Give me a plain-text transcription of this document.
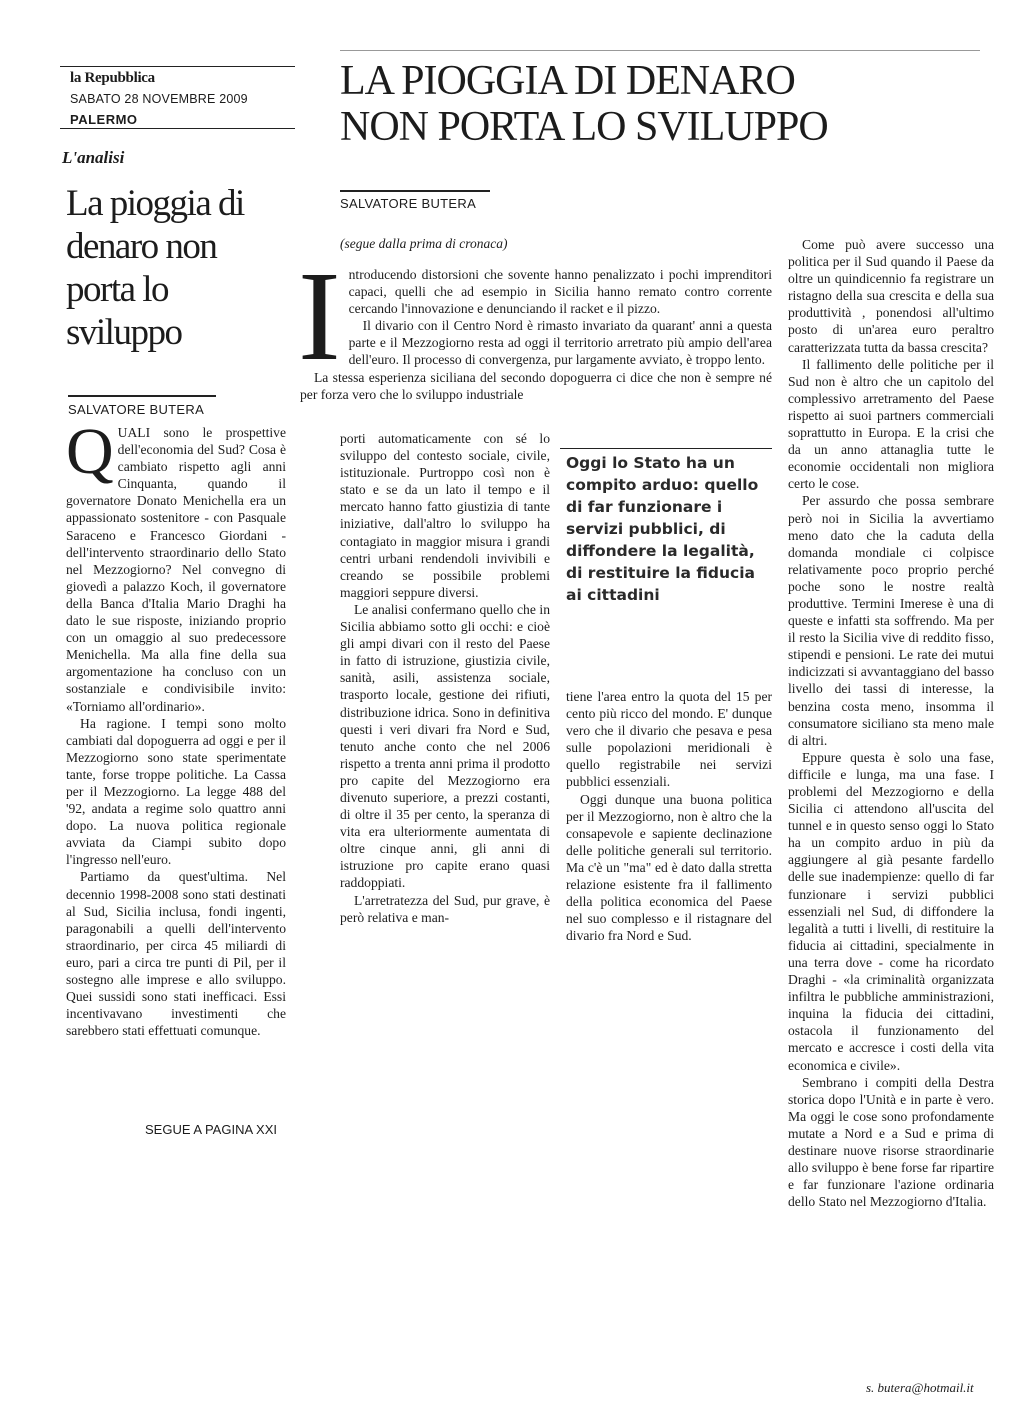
la Repubblica
SABATO 28 NOVEMBRE 2009
PALERMO
L'analisi
La pioggia di denaro non porta lo sviluppo
SALVATORE BUTERA
Q UALI sono le prospettive dell'economia del Sud? Cosa è cambiato rispetto agli anni Cinquanta, quando il governatore Donato Menichella era un appassionato sostenitore - con Pasquale Saraceno e Francesco Giordani - dell'intervento straordinario dello Stato nel Mezzogiorno? Nel convegno di giovedì a palazzo Koch, il governatore della Banca d'Italia Mario Draghi ha dato le sue risposte, iniziando proprio con un omaggio al suo predecessore Menichella. Ma alla fine della sua argomentazione ha concluso con un sostanziale e condivisibile invito: «Torniamo all'ordinario».

Ha ragione. I tempi sono molto cambiati dal dopoguerra ad oggi e per il Mezzogiorno sono state sperimentate tante, forse troppe politiche. La Cassa per il Mezzogiorno. La legge 488 del '92, andata a regime solo quattro anni dopo. La nuova politica regionale avviata da Ciampi subito dopo l'ingresso nell'euro.

Partiamo da quest'ultima. Nel decennio 1998-2008 sono stati destinati al Sud, Sicilia inclusa, fondi ingenti, paragonabili a quelli dell'intervento straordinario, per circa 45 miliardi di euro, pari a circa tre punti di Pil, per il sostegno alle imprese e allo sviluppo. Quei sussidi sono stati inefficaci. Essi incentivavano investimenti che sarebbero stati effettuati comunque.

SEGUE A PAGINA XXI
LA PIOGGIA DI DENARO
NON PORTA LO SVILUPPO
SALVATORE BUTERA
(segue dalla prima di cronaca)
I ntroducendo distorsioni che sovente hanno penalizzato i pochi imprenditori capaci, quelli che ad esempio in Sicilia hanno remato contro corrente cercando l'innovazione e denunciando il racket e il pizzo.

Il divario con il Centro Nord è rimasto invariato da quarant' anni a questa parte e il Mezzogiorno resta ad oggi il territorio arretrato più ampio dell'area dell'euro. Il processo di convergenza, pur largamente avviato, è troppo lento.

La stessa esperienza siciliana del secondo dopoguerra ci dice che non è sempre né per forza vero che lo sviluppo industriale

porti automaticamente con sé lo sviluppo del contesto sociale, civile, istituzionale. Purtroppo così non è stato e se da un lato il tempo e il mercato hanno fatto giustizia di tante iniziative, dall'altro lo sviluppo ha contagiato in maggior misura i grandi centri urbani rendendoli invivibili e creando se possibile problemi maggiori seppure diversi.

Le analisi confermano quello che in Sicilia abbiamo sotto gli occhi: e cioè gli ampi divari con il resto del Paese in fatto di istruzione, giustizia civile, sanità, asili, assistenza sociale, trasporto locale, gestione dei rifiuti, distribuzione idrica. Sono in definitiva questi i veri divari fra Nord e Sud, tenuto anche conto che nel 2006 rispetto a trenta anni prima il prodotto pro capite del Mezzogiorno era divenuto superiore, a prezzi costanti, di oltre il 35 per cento, la speranza di vita era ulteriormente aumentata di oltre cinque anni, gli anni di istruzione pro capite erano quasi raddoppiati.

L'arretratezza del Sud, pur grave, è però relativa e man-

Oggi lo Stato ha un compito arduo: quello di far funzionare i servizi pubblici, di diffondere la legalità, di restituire la fiducia ai cittadini

tiene l'area entro la quota del 15 per cento più ricco del mondo. E' dunque vero che il divario che pesava e pesa sulle popolazioni meridionali è quello registrabile nei servizi pubblici essenziali.

Oggi dunque una buona politica per il Mezzogiorno, non è altro che la consapevole e sapiente declinazione delle politiche generali sul territorio. Ma c'è un "ma" ed è dato dalla stretta relazione esistente fra il fallimento della politica economica del Paese nel suo complesso e il ristagnare del divario fra Nord e Sud.

Come può avere successo una politica per il Sud quando il Paese da oltre un quindicennio fa registrare un ristagno della sua crescita e della sua produttività , ponendosi all'ultimo posto di un'area euro peraltro caratterizzata tutta da bassa crescita?

Il fallimento delle politiche per il Sud non è altro che un capitolo del complessivo arretramento del Paese rispetto ai suoi partners commerciali soprattutto in Europa. E la crisi che da un anno attanaglia tutte le economie occidentali non migliora certo le cose.

Per assurdo che possa sembrare però noi in Sicilia la avvertiamo meno dato che la caduta della domanda mondiale ci colpisce relativamente poco proprio perché poche sono le nostre realtà produttive. Termini Imerese è una di queste e infatti sta soffrendo. Ma per il resto la Sicilia vive di reddito fisso, stipendi e pensioni. Le rate dei mutui indicizzati si avvantaggiano del basso livello dei tassi di interesse, la benzina costa meno, insomma il consumatore siciliano sta meno male di altri.

Eppure questa è solo una fase, difficile e lunga, ma una fase. I problemi del Mezzogiorno e della Sicilia ci attendono all'uscita del tunnel e in questo senso oggi lo Stato ha un compito arduo in più da aggiungere al già pesante fardello delle sue inadempienze: quello di far funzionare i servizi pubblici essenziali nel Sud, di diffondere la legalità a tutti i livelli, di restituire la fiducia ai cittadini, specialmente in una terra dove - come ha ricordato Draghi - «la criminalità organizzata infiltra le pubbliche amministrazioni, inquina la fiducia dei cittadini, ostacola il funzionamento del mercato e accresce i costi della vita economica e civile».

Sembrano i compiti della Destra storica dopo l'Unità e in parte è vero. Ma oggi le cose sono profondamente mutate a Nord e a Sud e prima di destinare nuove risorse straordinarie allo sviluppo è bene forse far ripartire e far funzionare l'azione ordinaria dello Stato nel Mezzogiorno d'Italia.

s. butera@hotmail.it
